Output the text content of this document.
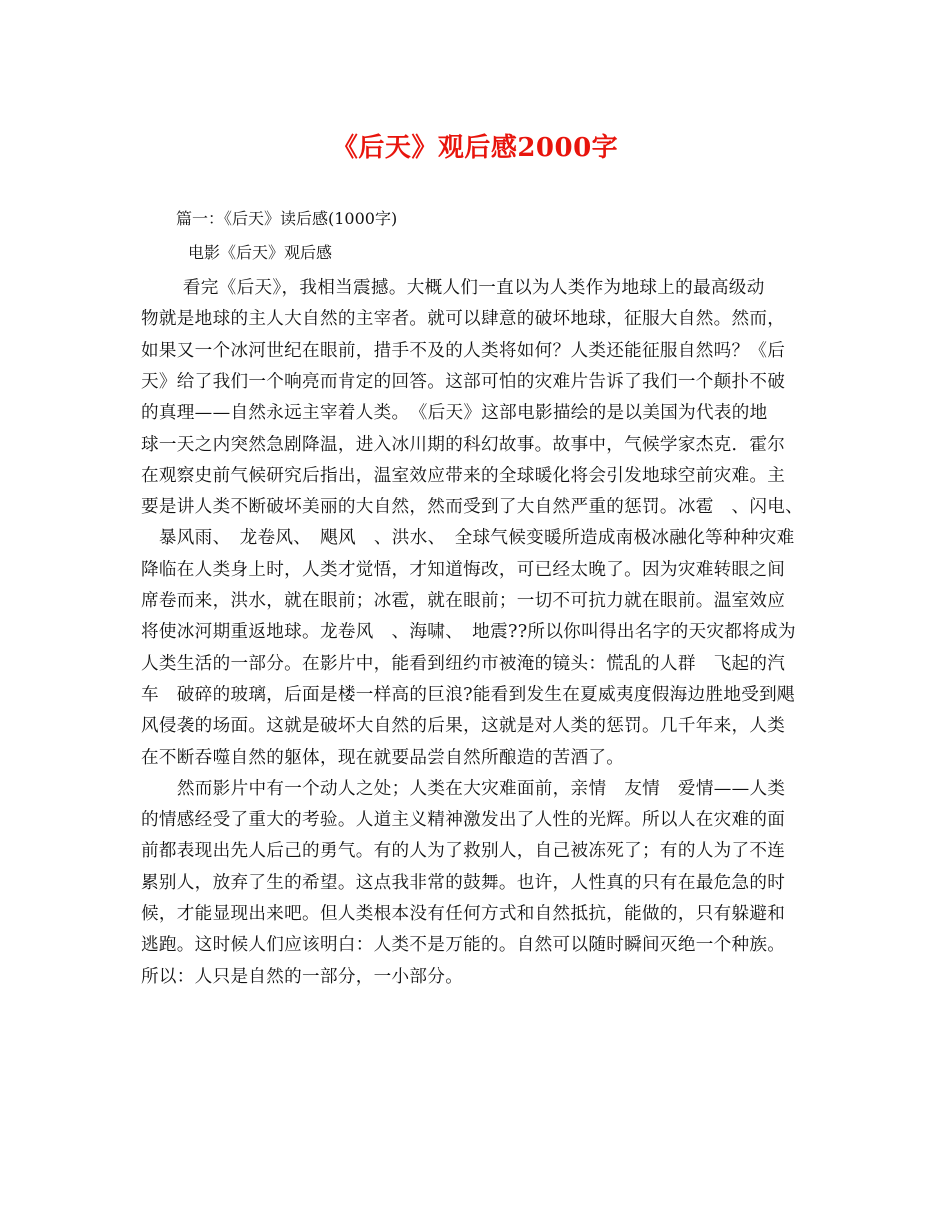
《后天》观后感2000字
篇一：《后天》读后感(1000字)
电影《后天》观后感
　看完《后天》，我相当震撼。大概人们一直以为人类作为地球上的最高级动
物就是地球的主人大自然的主宰者。就可以肆意的破坏地球，征服大自然。然而，
如果又一个冰河世纪在眼前，措手不及的人类将如何？人类还能征服自然吗？《后
天》给了我们一个响亮而肯定的回答。这部可怕的灾难片告诉了我们一个颠扑不破
的真理——自然永远主宰着人类。　《后天》这部电影描绘的是以美国为代表的地
球一天之内突然急剧降温，进入冰川期的科幻故事。故事中，气候学家杰克．霍尔
在观察史前气候研究后指出，温室效应带来的全球暖化将会引发地球空前灾难。主
要是讲人类不断破坏美丽的大自然，然而受到了大自然严重的惩罚。冰雹　、闪电、
　暴风雨、　龙卷风、　飓风　、洪水、　全球气候变暖所造成南极冰融化等种种灾难
降临在人类身上时，人类才觉悟，才知道悔改，可已经太晚了。因为灾难转眼之间
席卷而来，洪水，就在眼前；冰雹，就在眼前；一切不可抗力就在眼前。温室效应
将使冰河期重返地球。龙卷风　、海啸、　地震??所以你叫得出名字的天灾都将成为
人类生活的一部分。在影片中，能看到纽约市被淹的镜头：慌乱的人群　飞起的汽
车　破碎的玻璃，后面是楼一样高的巨浪?能看到发生在夏威夷度假海边胜地受到飓
风侵袭的场面。这就是破坏大自然的后果，这就是对人类的惩罚。几千年来，人类
在不断吞噬自然的躯体，现在就要品尝自然所酿造的苦酒了。
　然而影片中有一个动人之处；人类在大灾难面前，亲情　友情　爱情——人类
的情感经受了重大的考验。人道主义精神激发出了人性的光辉。所以人在灾难的面
前都表现出先人后己的勇气。有的人为了救别人，自己被冻死了；有的人为了不连
累别人，放弃了生的希望。这点我非常的鼓舞。也许，人性真的只有在最危急的时
候，才能显现出来吧。但人类根本没有任何方式和自然抵抗，能做的，只有躲避和
逃跑。这时候人们应该明白：人类不是万能的。自然可以随时瞬间灭绝一个种族。
所以：人只是自然的一部分，一小部分。
